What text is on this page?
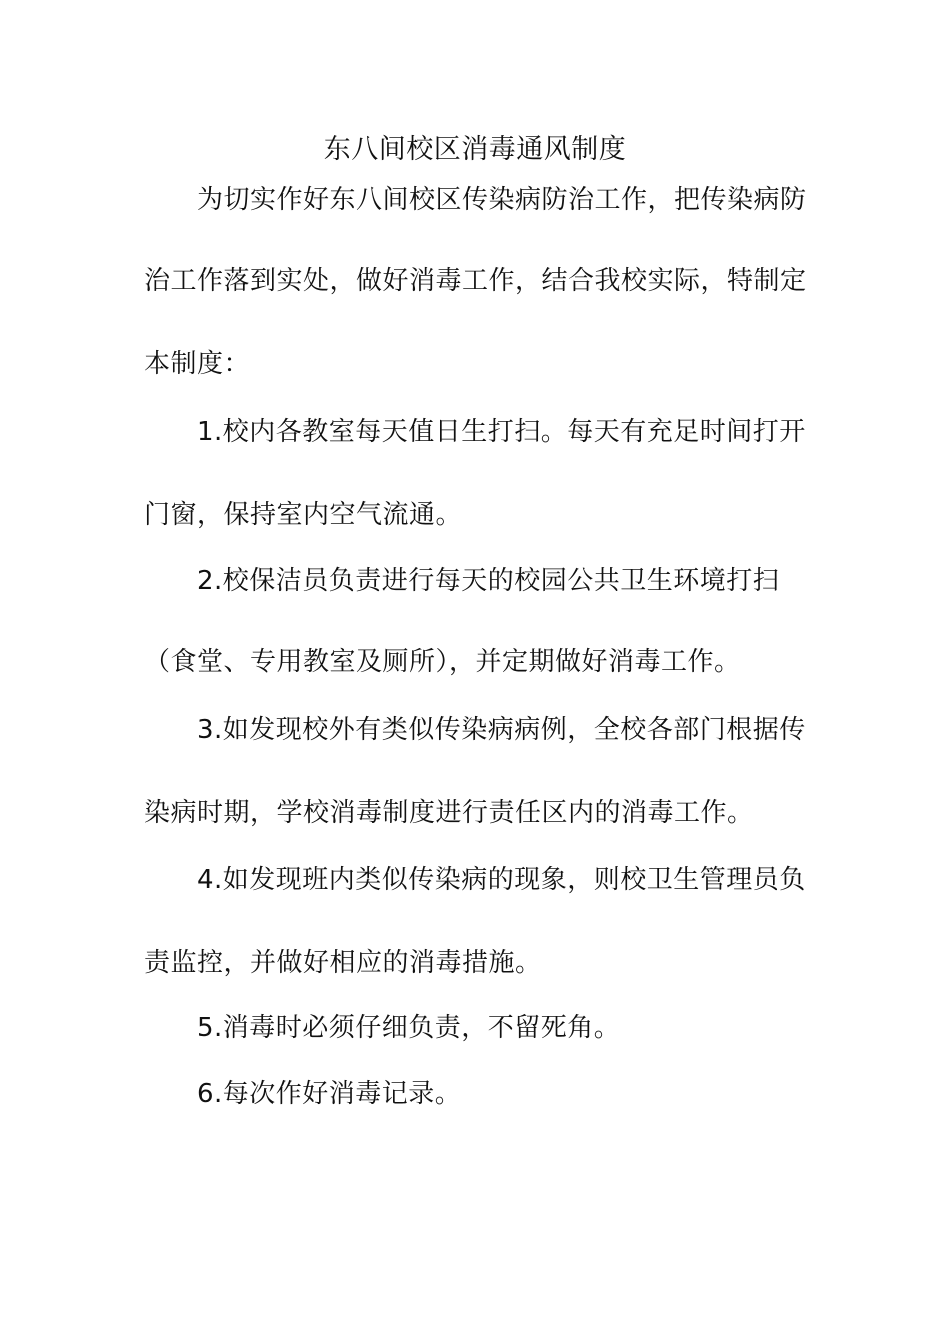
东八间校区消毒通风制度
为切实作好东八间校区传染病防治工作，把传染病防
治工作落到实处，做好消毒工作，结合我校实际，特制定
本制度：
1.校内各教室每天值日生打扫。每天有充足时间打开
门窗，保持室内空气流通。
2.校保洁员负责进行每天的校园公共卫生环境打扫
（食堂、专用教室及厕所），并定期做好消毒工作。
3.如发现校外有类似传染病病例，全校各部门根据传
染病时期，学校消毒制度进行责任区内的消毒工作。
4.如发现班内类似传染病的现象，则校卫生管理员负
责监控，并做好相应的消毒措施。
5.消毒时必须仔细负责，不留死角。
6.每次作好消毒记录。
